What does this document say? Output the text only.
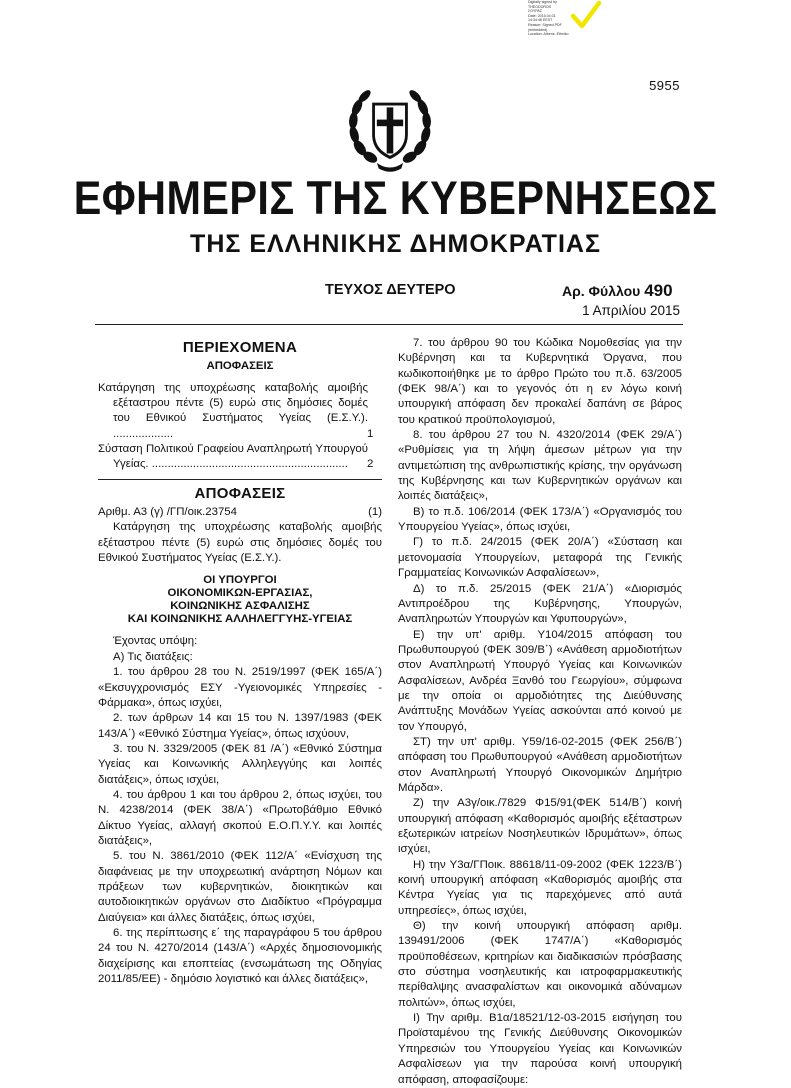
Digitally signed by
THEODOROS
ΣΟΥΡΑΣ
Date: 2015.04.01
14:34:46 EEST
Reason: Signed PDF
(embedded)
Location: Athens, Ethniko
5955
ΕΦΗΜΕΡΙΣ ΤΗΣ ΚΥΒΕΡΝΗΣΕΩΣ
ΤΗΣ ΕΛΛΗΝΙΚΗΣ ΔΗΜΟΚΡΑΤΙΑΣ
ΤΕΥΧΟΣ ΔΕΥΤΕΡΟ	Αρ. Φύλλου 490
1 Απριλίου 2015
ΠΕΡΙΕΧΟΜΕΝΑ
ΑΠΟΦΑΣΕΙΣ
Κατάργηση της υποχρέωσης καταβολής αμοιβής εξέταστρου πέντε (5) ευρώ στις δημόσιες δομές του Εθνικού Συστήματος Υγείας (Ε.Σ.Υ.). ...................	1
Σύσταση Πολιτικού Γραφείου Αναπληρωτή Υπουργού Υγείας. .............................................................. 2
ΑΠΟΦΑΣΕΙΣ
Αριθμ. Α3 (γ) /ΓΠ/οικ.23754	(1)

Κατάργηση της υποχρέωσης καταβολής αμοιβής εξέταστρου πέντε (5) ευρώ στις δημόσιες δομές του Εθνικού Συστήματος Υγείας (Ε.Σ.Υ.).

ΟΙ ΥΠΟΥΡΓΟΙ
ΟΙΚΟΝΟΜΙΚΩΝ-ΕΡΓΑΣΙΑΣ,
ΚΟΙΝΩΝΙΚΗΣ ΑΣΦΑΛΙΣΗΣ
ΚΑΙ ΚΟΙΝΩΝΙΚΗΣ ΑΛΛΗΛΕΓΓΥΗΣ-ΥΓΕΙΑΣ

Έχοντας υπόψη:

Α) Τις διατάξεις:

1. του άρθρου 28 του Ν. 2519/1997 (ΦΕΚ 165/Α΄) «Εκσυγχρονισμός ΕΣΥ -Υγειονομικές Υπηρεσίες - Φάρμακα», όπως ισχύει,

2. των άρθρων 14 και 15 του Ν. 1397/1983 (ΦΕΚ 143/Α΄) «Εθνικό Σύστημα Υγείας», όπως ισχύουν,

3. του Ν. 3329/2005 (ΦΕΚ 81 /Α΄) «Εθνικό Σύστημα Υγείας και Κοινωνικής Αλληλεγγύης και λοιπές διατάξεις», όπως ισχύει,

4. του άρθρου 1 και του άρθρου 2, όπως ισχύει, του Ν. 4238/2014 (ΦΕΚ 38/Α΄) «Πρωτοβάθμιο Εθνικό Δίκτυο Υγείας, αλλαγή σκοπού Ε.Ο.Π.Υ.Υ. και λοιπές διατάξεις»,

5. του Ν. 3861/2010 (ΦΕΚ 112/Α΄ «Ενίσχυση της διαφάνειας με την υποχρεωτική ανάρτηση Νόμων και πράξεων των κυβερνητικών, διοικητικών και αυτοδιοικητικών οργάνων στο Διαδίκτυο «Πρόγραμμα Διαύγεια» και άλλες διατάξεις, όπως ισχύει,

6. της περίπτωσης ε΄ της παραγράφου 5 του άρθρου 24 του Ν. 4270/2014 (143/Α΄) «Αρχές δημοσιονομικής διαχείρισης και εποπτείας (ενσωμάτωση της Οδηγίας 2011/85/ΕΕ) - δημόσιο λογιστικό και άλλες διατάξεις»,

7. του άρθρου 90 του Κώδικα Νομοθεσίας για την Κυβέρνηση και τα Κυβερνητικά Όργανα, που κωδικοποιήθηκε με το άρθρο Πρώτο του π.δ. 63/2005 (ΦΕΚ 98/Α΄) και το γεγονός ότι η εν λόγω κοινή υπουργική απόφαση δεν προκαλεί δαπάνη σε βάρος του κρατικού προϋπολογισμού,

8. του άρθρου 27 του Ν. 4320/2014 (ΦΕΚ 29/Α΄) «Ρυθμίσεις για τη λήψη άμεσων μέτρων για την αντιμετώπιση της ανθρωπιστικής κρίσης, την οργάνωση της Κυβέρνησης και των Κυβερνητικών οργάνων και λοιπές διατάξεις»,

Β) το π.δ. 106/2014 (ΦΕΚ 173/Α΄) «Οργανισμός του Υπουργείου Υγείας», όπως ισχύει,

Γ) το π.δ. 24/2015 (ΦΕΚ 20/Α΄) «Σύσταση και μετονομασία Υπουργείων, μεταφορά της Γενικής Γραμματείας Κοινωνικών Ασφαλίσεων»,

Δ) το π.δ. 25/2015 (ΦΕΚ 21/Α΄) «Διορισμός Αντιπροέδρου της Κυβέρνησης, Υπουργών, Αναπληρωτών Υπουργών και Υφυπουργών»,

Ε) την υπ' αριθμ. Υ104/2015 απόφαση του Πρωθυπουργού (ΦΕΚ 309/Β΄) «Ανάθεση αρμοδιοτήτων στον Αναπληρωτή Υπουργό Υγείας και Κοινωνικών Ασφαλίσεων, Ανδρέα Ξανθό του Γεωργίου», σύμφωνα με την οποία οι αρμοδιότητες της Διεύθυνσης Ανάπτυξης Μονάδων Υγείας ασκούνται από κοινού με τον Υπουργό,

ΣΤ) την υπ' αριθμ. Υ59/16-02-2015 (ΦΕΚ 256/Β΄) απόφαση του Πρωθυπουργού «Ανάθεση αρμοδιοτήτων στον Αναπληρωτή Υπουργό Οικονομικών Δημήτριο Μάρδα».

Ζ) την Α3γ/οικ./7829 Φ15/91(ΦΕΚ 514/Β΄) κοινή υπουργική απόφαση «Καθορισμός αμοιβής εξέταστρων εξωτερικών ιατρείων Νοσηλευτικών Ιδρυμάτων», όπως ισχύει,

Η) την Υ3α/ΓΠοικ. 88618/11-09-2002 (ΦΕΚ 1223/Β΄) κοινή υπουργική απόφαση «Καθορισμός αμοιβής στα Κέντρα Υγείας για τις παρεχόμενες από αυτά υπηρεσίες», όπως ισχύει,

Θ) την κοινή υπουργική απόφαση αριθμ. 139491/2006 (ΦΕΚ 1747/Α΄) «Καθορισμός προϋποθέσεων, κριτηρίων και διαδικασιών πρόσβασης στο σύστημα νοσηλευτικής και ιατροφαρμακευτικής περίθαλψης ανασφαλίστων και οικονομικά αδύναμων πολιτών», όπως ισχύει,

Ι) Την αριθμ. Β1α/18521/12-03-2015 εισήγηση του Προϊσταμένου της Γενικής Διεύθυνσης Οικονομικών Υπηρεσιών του Υπουργείου Υγείας και Κοινωνικών Ασφαλίσεων για την παρούσα κοινή υπουργική απόφαση, αποφασίζουμε:
